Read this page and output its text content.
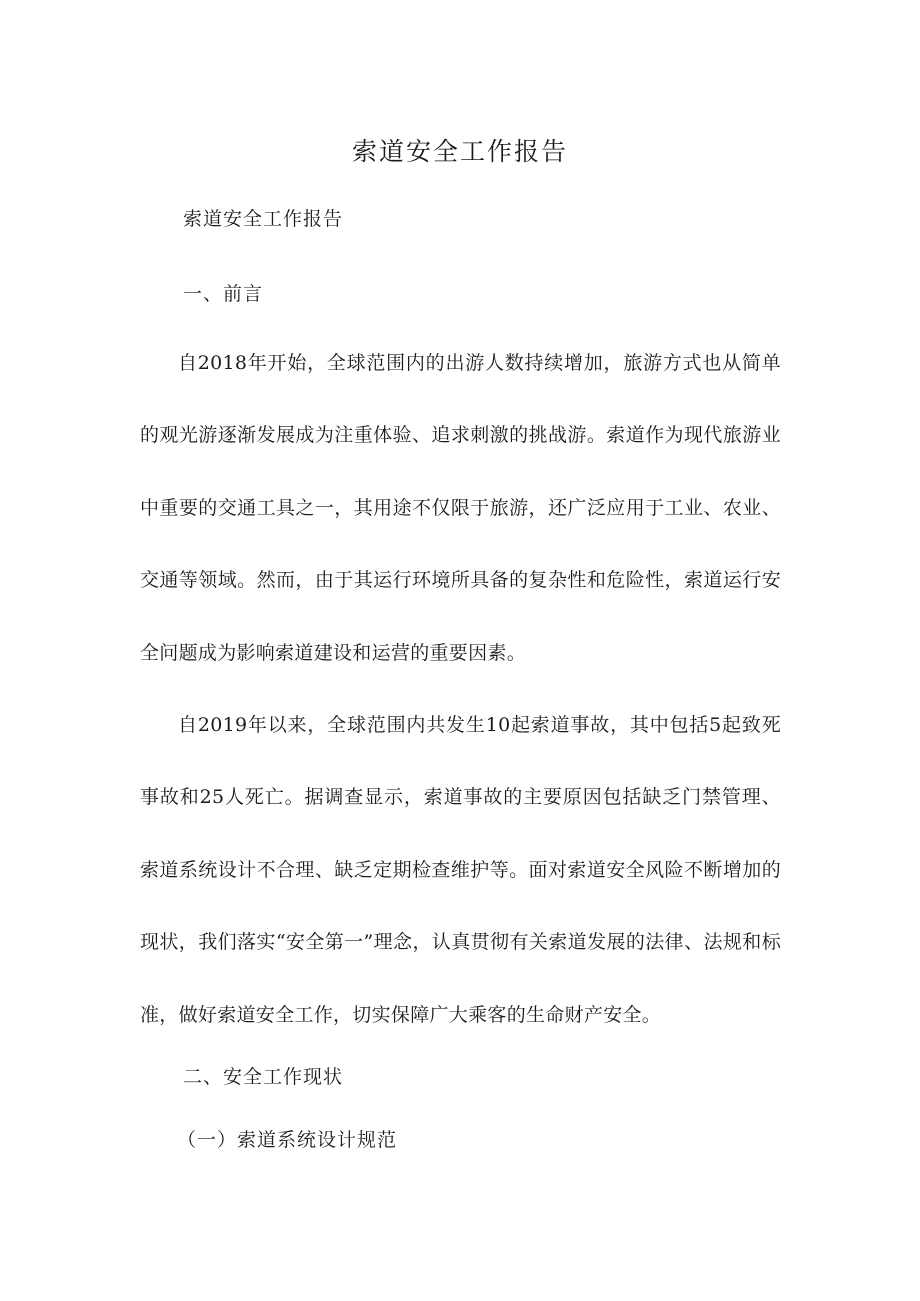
索道安全工作报告

索道安全工作报告

一、前言

自2018年开始，全球范围内的出游人数持续增加，旅游方式也从简单的观光游逐渐发展成为注重体验、追求刺激的挑战游。索道作为现代旅游业中重要的交通工具之一，其用途不仅限于旅游，还广泛应用于工业、农业、交通等领域。然而，由于其运行环境所具备的复杂性和危险性，索道运行安全问题成为影响索道建设和运营的重要因素。

自2019年以来，全球范围内共发生10起索道事故，其中包括5起致死事故和25人死亡。据调查显示，索道事故的主要原因包括缺乏门禁管理、索道系统设计不合理、缺乏定期检查维护等。面对索道安全风险不断增加的现状，我们落实“安全第一”理念，认真贯彻有关索道发展的法律、法规和标准，做好索道安全工作，切实保障广大乘客的生命财产安全。

二、安全工作现状

（一）索道系统设计规范
